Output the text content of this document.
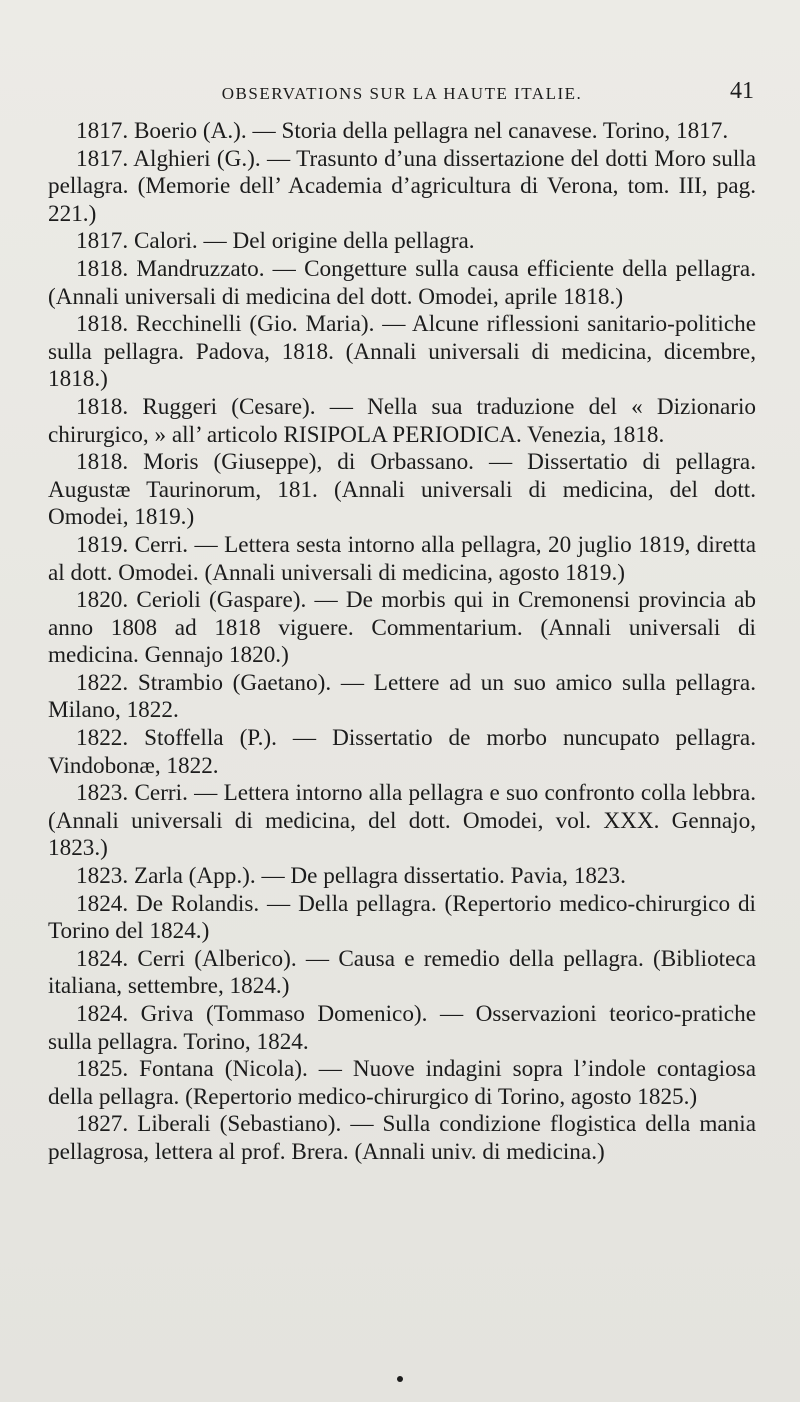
OBSERVATIONS SUR LA HAUTE ITALIE.	41

1817. Boerio (A.). — Storia della pellagra nel canavese. Torino, 1817.

1817. Alghieri (G.). — Trasunto d’una dissertazione del dotti Moro sulla pellagra. (Memorie dell’ Academia d’agricultura di Verona, tom. III, pag. 221.)

1817. Calori. — Del origine della pellagra.

1818. Mandruzzato. — Congetture sulla causa efficiente della pellagra. (Annali universali di medicina del dott. Omodei, aprile 1818.)

1818. Recchinelli (Gio. Maria). — Alcune riflessioni sanitario-politiche sulla pellagra. Padova, 1818. (Annali universali di medicina, dicembre, 1818.)

1818. Ruggeri (Cesare). — Nella sua traduzione del « Dizionario chirurgico, » all’ articolo RISIPOLA PERIODICA. Venezia, 1818.

1818. Moris (Giuseppe), di Orbassano. — Dissertatio di pellagra. Augustæ Taurinorum, 181. (Annali universali di medicina, del dott. Omodei, 1819.)

1819. Cerri. — Lettera sesta intorno alla pellagra, 20 juglio 1819, diretta al dott. Omodei. (Annali universali di medicina, agosto 1819.)

1820. Cerioli (Gaspare). — De morbis qui in Cremonensi provincia ab anno 1808 ad 1818 viguere. Commentarium. (Annali universali di medicina. Gennajo 1820.)

1822. Strambio (Gaetano). — Lettere ad un suo amico sulla pellagra. Milano, 1822.

1822. Stoffella (P.). — Dissertatio de morbo nuncupato pellagra. Vindobonæ, 1822.

1823. Cerri. — Lettera intorno alla pellagra e suo confronto colla lebbra. (Annali universali di medicina, del dott. Omodei, vol. XXX. Gennajo, 1823.)

1823. Zarla (App.). — De pellagra dissertatio. Pavia, 1823.

1824. De Rolandis. — Della pellagra. (Repertorio medico-chirurgico di Torino del 1824.)

1824. Cerri (Alberico). — Causa e remedio della pellagra. (Biblioteca italiana, settembre, 1824.)

1824. Griva (Tommaso Domenico). — Osservazioni teorico-pratiche sulla pellagra. Torino, 1824.

1825. Fontana (Nicola). — Nuove indagini sopra l’indole contagiosa della pellagra. (Repertorio medico-chirurgico di Torino, agosto 1825.)

1827. Liberali (Sebastiano). — Sulla condizione flogistica della mania pellagrosa, lettera al prof. Brera. (Annali univ. di medicina.)
